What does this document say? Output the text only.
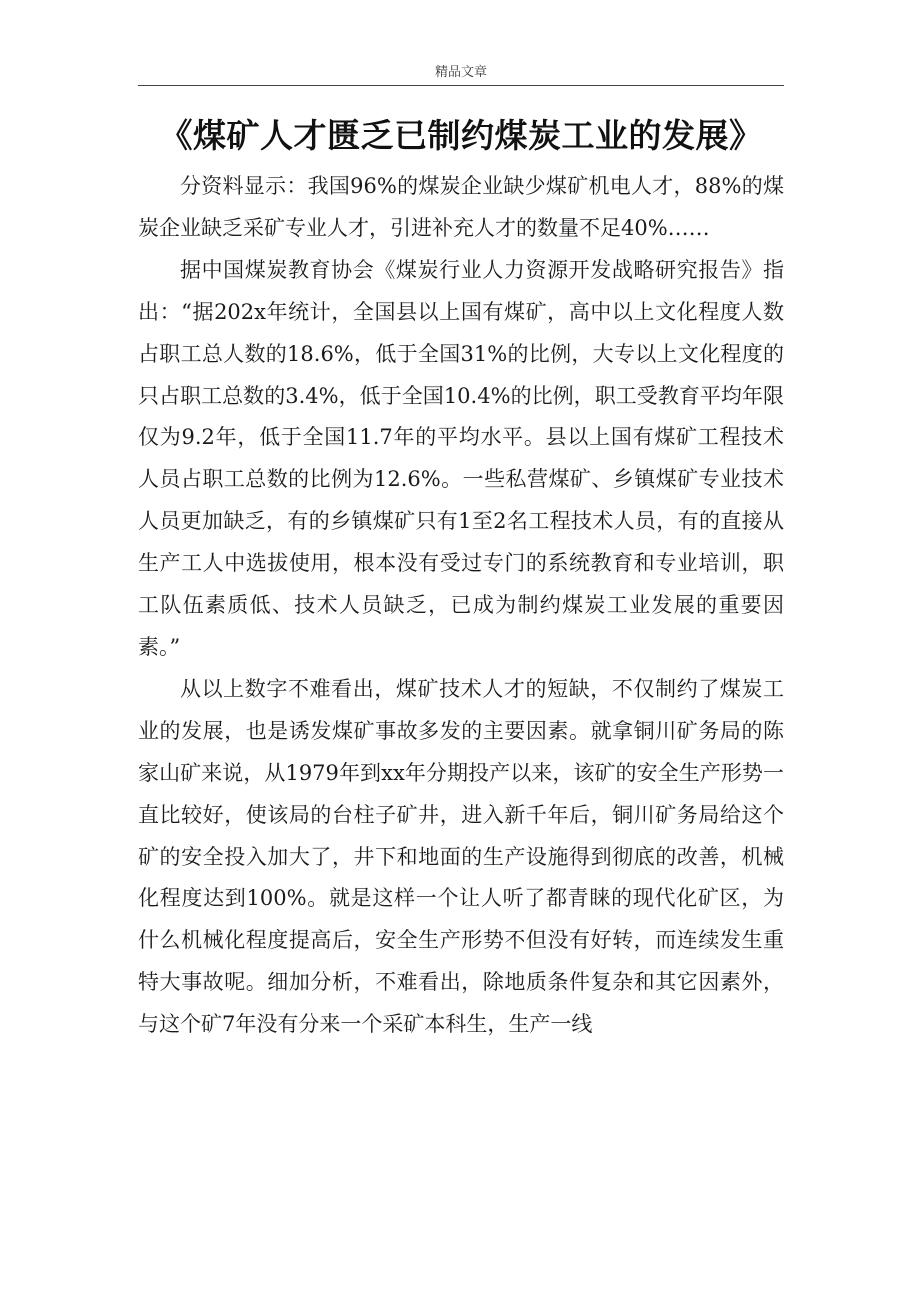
精品文章
《煤矿人才匮乏已制约煤炭工业的发展》

分资料显示：我国96%的煤炭企业缺少煤矿机电人才，88%的煤炭企业缺乏采矿专业人才，引进补充人才的数量不足40%……

据中国煤炭教育协会《煤炭行业人力资源开发战略研究报告》指出：“据202x年统计，全国县以上国有煤矿，高中以上文化程度人数占职工总人数的18.6%，低于全国31%的比例，大专以上文化程度的只占职工总数的3.4%，低于全国10.4%的比例，职工受教育平均年限仅为9.2年，低于全国11.7年的平均水平。县以上国有煤矿工程技术人员占职工总数的比例为12.6%。一些私营煤矿、乡镇煤矿专业技术人员更加缺乏，有的乡镇煤矿只有1至2名工程技术人员，有的直接从生产工人中选拔使用，根本没有受过专门的系统教育和专业培训，职工队伍素质低、技术人员缺乏，已成为制约煤炭工业发展的重要因素。”

从以上数字不难看出，煤矿技术人才的短缺，不仅制约了煤炭工业的发展，也是诱发煤矿事故多发的主要因素。就拿铜川矿务局的陈家山矿来说，从1979年到xx年分期投产以来，该矿的安全生产形势一直比较好，使该局的台柱子矿井，进入新千年后，铜川矿务局给这个矿的安全投入加大了，井下和地面的生产设施得到彻底的改善，机械化程度达到100%。就是这样一个让人听了都青睐的现代化矿区，为什么机械化程度提高后，安全生产形势不但没有好转，而连续发生重特大事故呢。细加分析，不难看出，除地质条件复杂和其它因素外，与这个矿7年没有分来一个采矿本科生，生产一线
